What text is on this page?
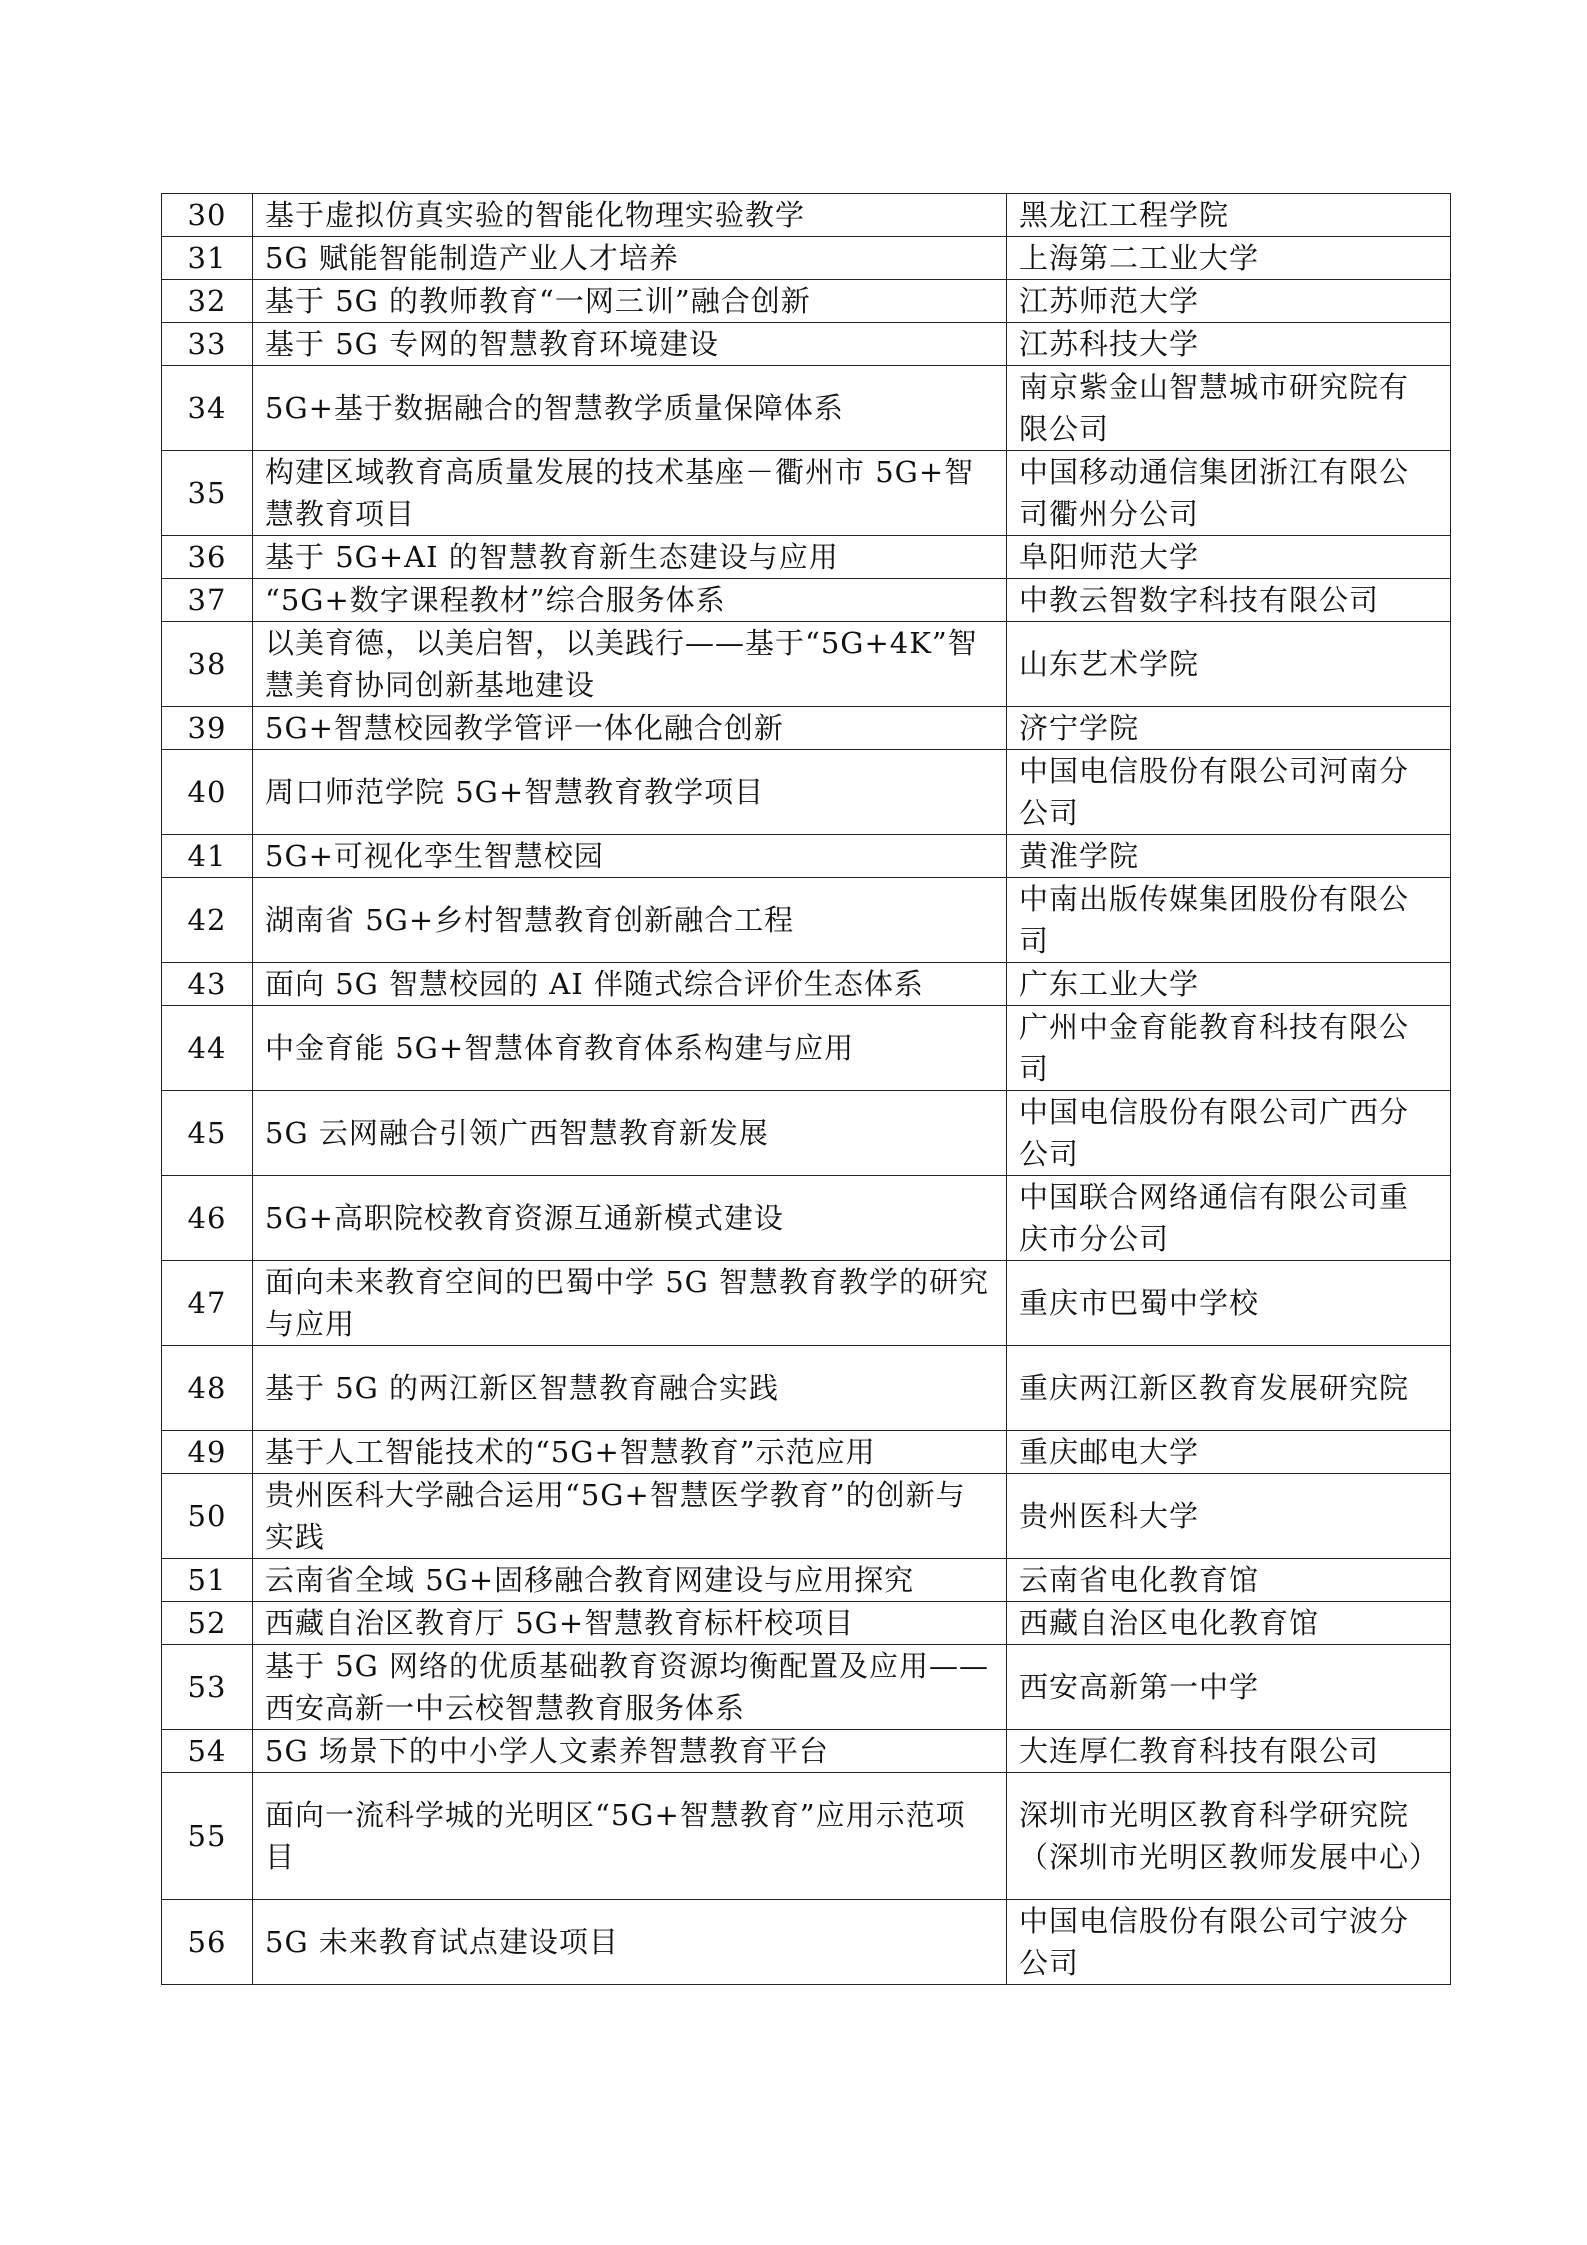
30	基于虚拟仿真实验的智能化物理实验教学	黑龙江工程学院
31	5G 赋能智能制造产业人才培养	上海第二工业大学
32	基于 5G 的教师教育“一网三训”融合创新	江苏师范大学
33	基于 5G 专网的智慧教育环境建设	江苏科技大学
34	5G+基于数据融合的智慧教学质量保障体系	南京紫金山智慧城市研究院有限公司
35	构建区域教育高质量发展的技术基座－衢州市 5G+智慧教育项目	中国移动通信集团浙江有限公司衢州分公司
36	基于 5G+AI 的智慧教育新生态建设与应用	阜阳师范大学
37	“5G+数字课程教材”综合服务体系	中教云智数字科技有限公司
38	以美育德，以美启智，以美践行——基于“5G+4K”智慧美育协同创新基地建设	山东艺术学院
39	5G+智慧校园教学管评一体化融合创新	济宁学院
40	周口师范学院 5G+智慧教育教学项目	中国电信股份有限公司河南分公司
41	5G+可视化孪生智慧校园	黄淮学院
42	湖南省 5G+乡村智慧教育创新融合工程	中南出版传媒集团股份有限公司
43	面向 5G 智慧校园的 AI 伴随式综合评价生态体系	广东工业大学
44	中金育能 5G+智慧体育教育体系构建与应用	广州中金育能教育科技有限公司
45	5G 云网融合引领广西智慧教育新发展	中国电信股份有限公司广西分公司
46	5G+高职院校教育资源互通新模式建设	中国联合网络通信有限公司重庆市分公司
47	面向未来教育空间的巴蜀中学 5G 智慧教育教学的研究与应用	重庆市巴蜀中学校
48	基于 5G 的两江新区智慧教育融合实践	重庆两江新区教育发展研究院
49	基于人工智能技术的“5G+智慧教育”示范应用	重庆邮电大学
50	贵州医科大学融合运用“5G+智慧医学教育”的创新与实践	贵州医科大学
51	云南省全域 5G+固移融合教育网建设与应用探究	云南省电化教育馆
52	西藏自治区教育厅 5G+智慧教育标杆校项目	西藏自治区电化教育馆
53	基于 5G 网络的优质基础教育资源均衡配置及应用——西安高新一中云校智慧教育服务体系	西安高新第一中学
54	5G 场景下的中小学人文素养智慧教育平台	大连厚仁教育科技有限公司
55	面向一流科学城的光明区“5G+智慧教育”应用示范项目	深圳市光明区教育科学研究院（深圳市光明区教师发展中心）
56	5G 未来教育试点建设项目	中国电信股份有限公司宁波分公司
